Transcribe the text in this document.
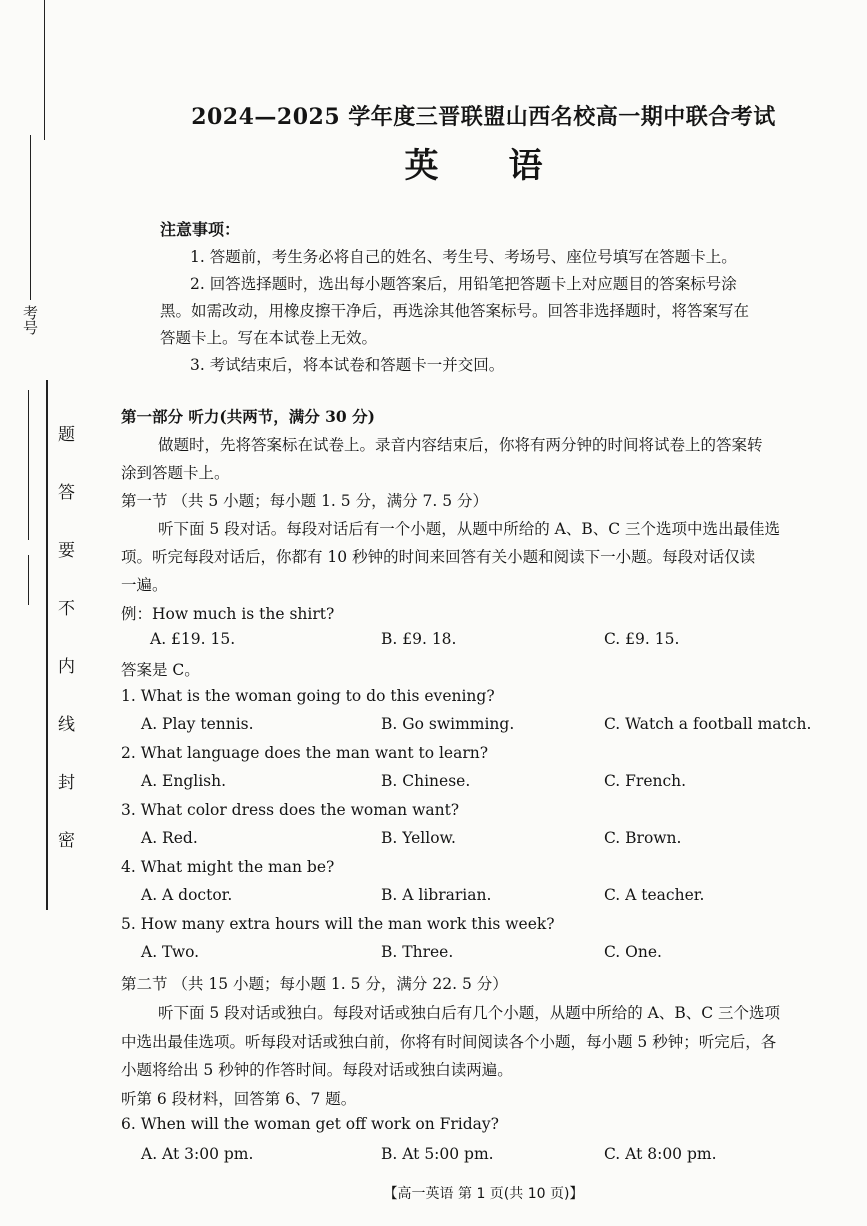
考号
题
答
要
不
内
线
封
密
2024—2025 学年度三晋联盟山西名校高一期中联合考试
英语
注意事项：
1. 答题前，考生务必将自己的姓名、考生号、考场号、座位号填写在答题卡上。
2. 回答选择题时，选出每小题答案后，用铅笔把答题卡上对应题目的答案标号涂
黑。如需改动，用橡皮擦干净后，再选涂其他答案标号。回答非选择题时，将答案写在
答题卡上。写在本试卷上无效。
3. 考试结束后，将本试卷和答题卡一并交回。
第一部分 听力(共两节，满分 30 分)
做题时，先将答案标在试卷上。录音内容结束后，你将有两分钟的时间将试卷上的答案转
涂到答题卡上。
第一节 （共 5 小题；每小题 1. 5 分，满分 7. 5 分）
听下面 5 段对话。每段对话后有一个小题，从题中所给的 A、B、C 三个选项中选出最佳选
项。听完每段对话后，你都有 10 秒钟的时间来回答有关小题和阅读下一小题。每段对话仅读
一遍。
例：How much is the shirt?
A. £19. 15.	B. £9. 18.	C. £9. 15.
答案是 C。
1. What is the woman going to do this evening?
A. Play tennis.	B. Go swimming.	C. Watch a football match.
2. What language does the man want to learn?
A. English.	B. Chinese.	C. French.
3. What color dress does the woman want?
A. Red.	B. Yellow.	C. Brown.
4. What might the man be?
A. A doctor.	B. A librarian.	C. A teacher.
5. How many extra hours will the man work this week?
A. Two.	B. Three.	C. One.
第二节 （共 15 小题；每小题 1. 5 分，满分 22. 5 分）
听下面 5 段对话或独白。每段对话或独白后有几个小题，从题中所给的 A、B、C 三个选项
中选出最佳选项。听每段对话或独白前，你将有时间阅读各个小题，每小题 5 秒钟；听完后，各
小题将给出 5 秒钟的作答时间。每段对话或独白读两遍。
听第 6 段材料，回答第 6、7 题。
6. When will the woman get off work on Friday?
A. At 3:00 pm.	B. At 5:00 pm.	C. At 8:00 pm.
【高一英语 第 1 页(共 10 页)】
